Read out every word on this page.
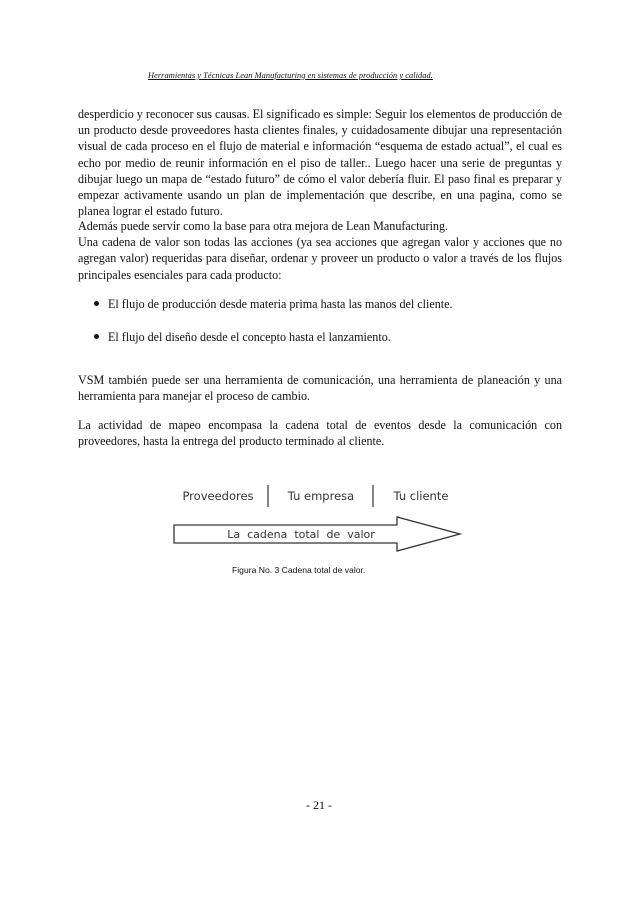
Herramientas y Técnicas Lean Manufacturing en sistemas de producción y calidad.

desperdicio y reconocer sus causas. El significado es simple: Seguir los elementos de producción de un producto desde proveedores hasta clientes finales, y cuidadosamente dibujar una representación visual de cada proceso en el flujo de material e información “esquema de estado actual”, el cual es echo por medio de reunir información en el piso de taller.. Luego hacer una serie de preguntas y dibujar luego un mapa de “estado futuro” de cómo el valor debería fluir. El paso final es preparar y empezar activamente usando un plan de implementación que describe, en una pagina, como se planea lograr el estado futuro.

Además puede servir como la base para otra mejora de Lean Manufacturing.

Una cadena de valor son todas las acciones (ya sea acciones que agregan valor y acciones que no agregan valor) requeridas para diseñar, ordenar y proveer un producto o valor a través de los flujos principales esenciales para cada producto:

El flujo de producción desde materia prima hasta las manos del cliente.
El flujo del diseño desde el concepto hasta el lanzamiento.

VSM también puede ser una herramienta de comunicación, una herramienta de planeación y una herramienta para manejar el proceso de cambio.

La actividad de mapeo encompasa la cadena total de eventos desde la comunicación con proveedores, hasta la entrega del producto terminado al cliente.

Proveedores	Tu empresa	Tu cliente
La  cadena  total  de  valor
Figura No. 3 Cadena total de valor.
- 21 -
